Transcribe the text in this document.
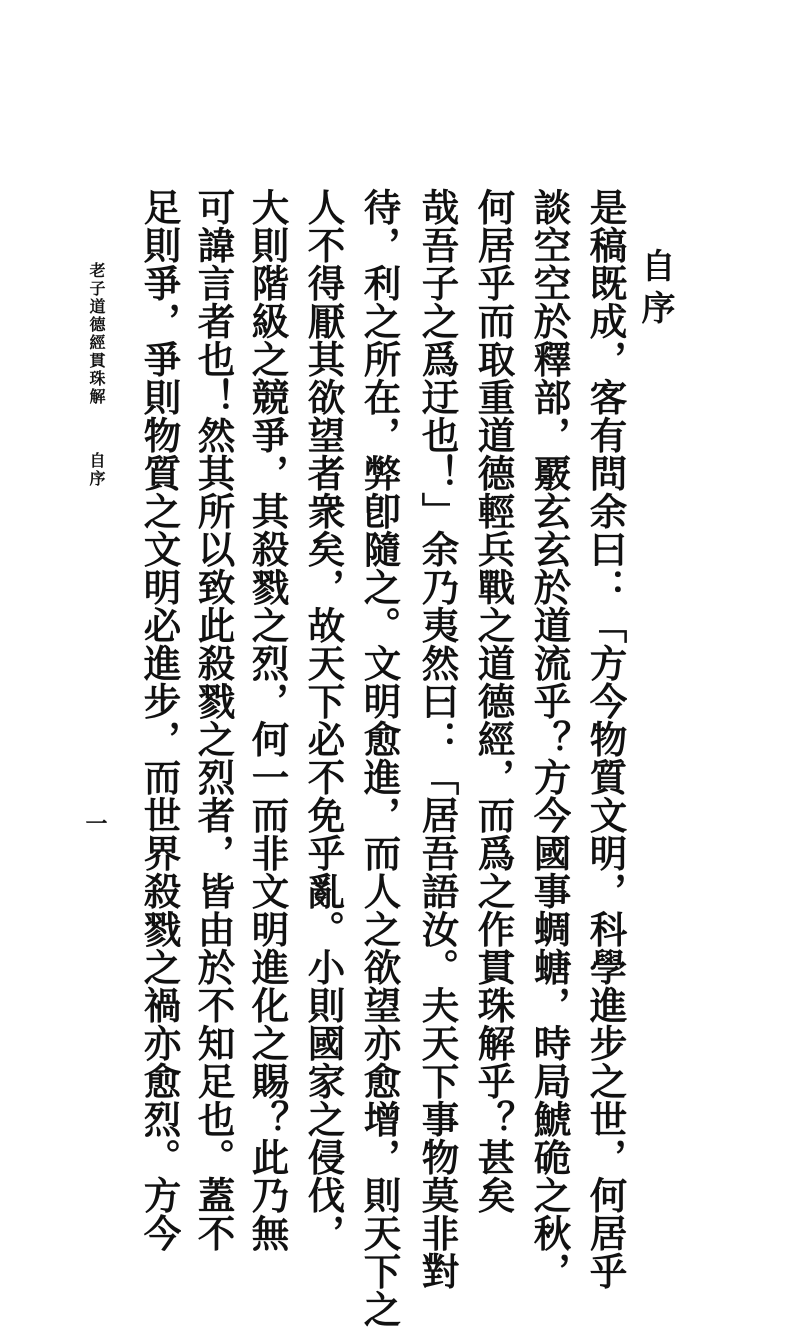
自序
是稿既成，客有問余曰：「方今物質文明，科學進步之世，何居乎
談空空於釋部，覈玄玄於道流乎？方今國事蜩螗，時局鯱硊之秋，
何居乎而取重道德輕兵戰之道德經，而爲之作貫珠解乎？甚矣
哉吾子之爲迂也！」余乃夷然曰：「居吾語汝。夫天下事物莫非對
待，利之所在，弊卽隨之。文明愈進，而人之欲望亦愈增，則天下之
人不得厭其欲望者衆矣，故天下必不免乎亂。小則國家之侵伐，
大則階級之競爭，其殺戮之烈，何一而非文明進化之賜？此乃無
可諱言者也！然其所以致此殺戮之烈者，皆由於不知足也。蓋不
足則爭，爭則物質之文明必進步，而世界殺戮之禍亦愈烈。方今
老子道德經貫珠解
自序
一
